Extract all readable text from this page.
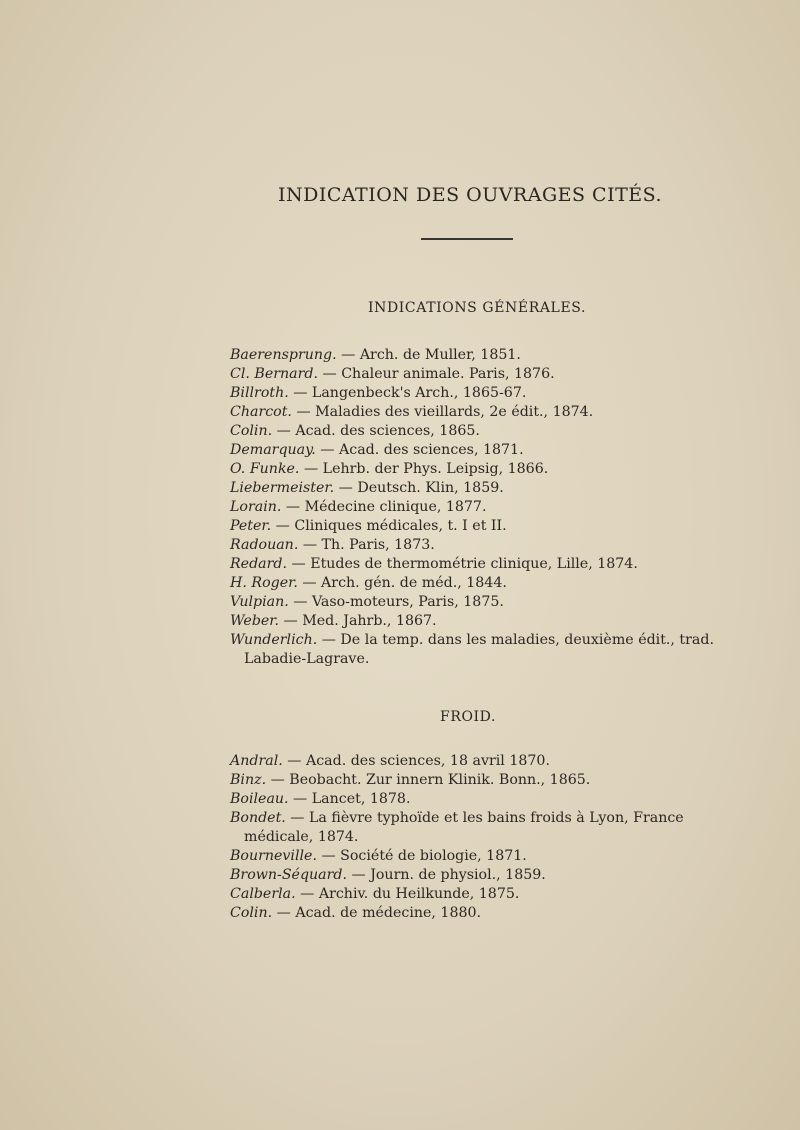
INDICATION DES OUVRAGES CITÉS.
INDICATIONS GÉNÉRALES.

Baerensprung. — Arch. de Muller, 1851.

Cl. Bernard. — Chaleur animale. Paris, 1876.

Billroth. — Langenbeck's Arch., 1865-67.

Charcot. — Maladies des vieillards, 2e édit., 1874.

Colin. — Acad. des sciences, 1865.

Demarquay. — Acad. des sciences, 1871.

O. Funke. — Lehrb. der Phys. Leipsig, 1866.

Liebermeister. — Deutsch. Klin, 1859.

Lorain. — Médecine clinique, 1877.

Peter. — Cliniques médicales, t. I et II.

Radouan. — Th. Paris, 1873.

Redard. — Etudes de thermométrie clinique, Lille, 1874.

H. Roger. — Arch. gén. de méd., 1844.

Vulpian. — Vaso-moteurs, Paris, 1875.

Weber. — Med. Jahrb., 1867.

Wunderlich. — De la temp. dans les maladies, deuxième édit., trad. Labadie-Lagrave.

FROID.

Andral. — Acad. des sciences, 18 avril 1870.

Binz. — Beobacht. Zur innern Klinik. Bonn., 1865.

Boileau. — Lancet, 1878.

Bondet. — La fièvre typhoïde et les bains froids à Lyon, France médicale, 1874.

Bourneville. — Société de biologie, 1871.

Brown-Séquard. — Journ. de physiol., 1859.

Calberla. — Archiv. du Heilkunde, 1875.

Colin. — Acad. de médecine, 1880.
